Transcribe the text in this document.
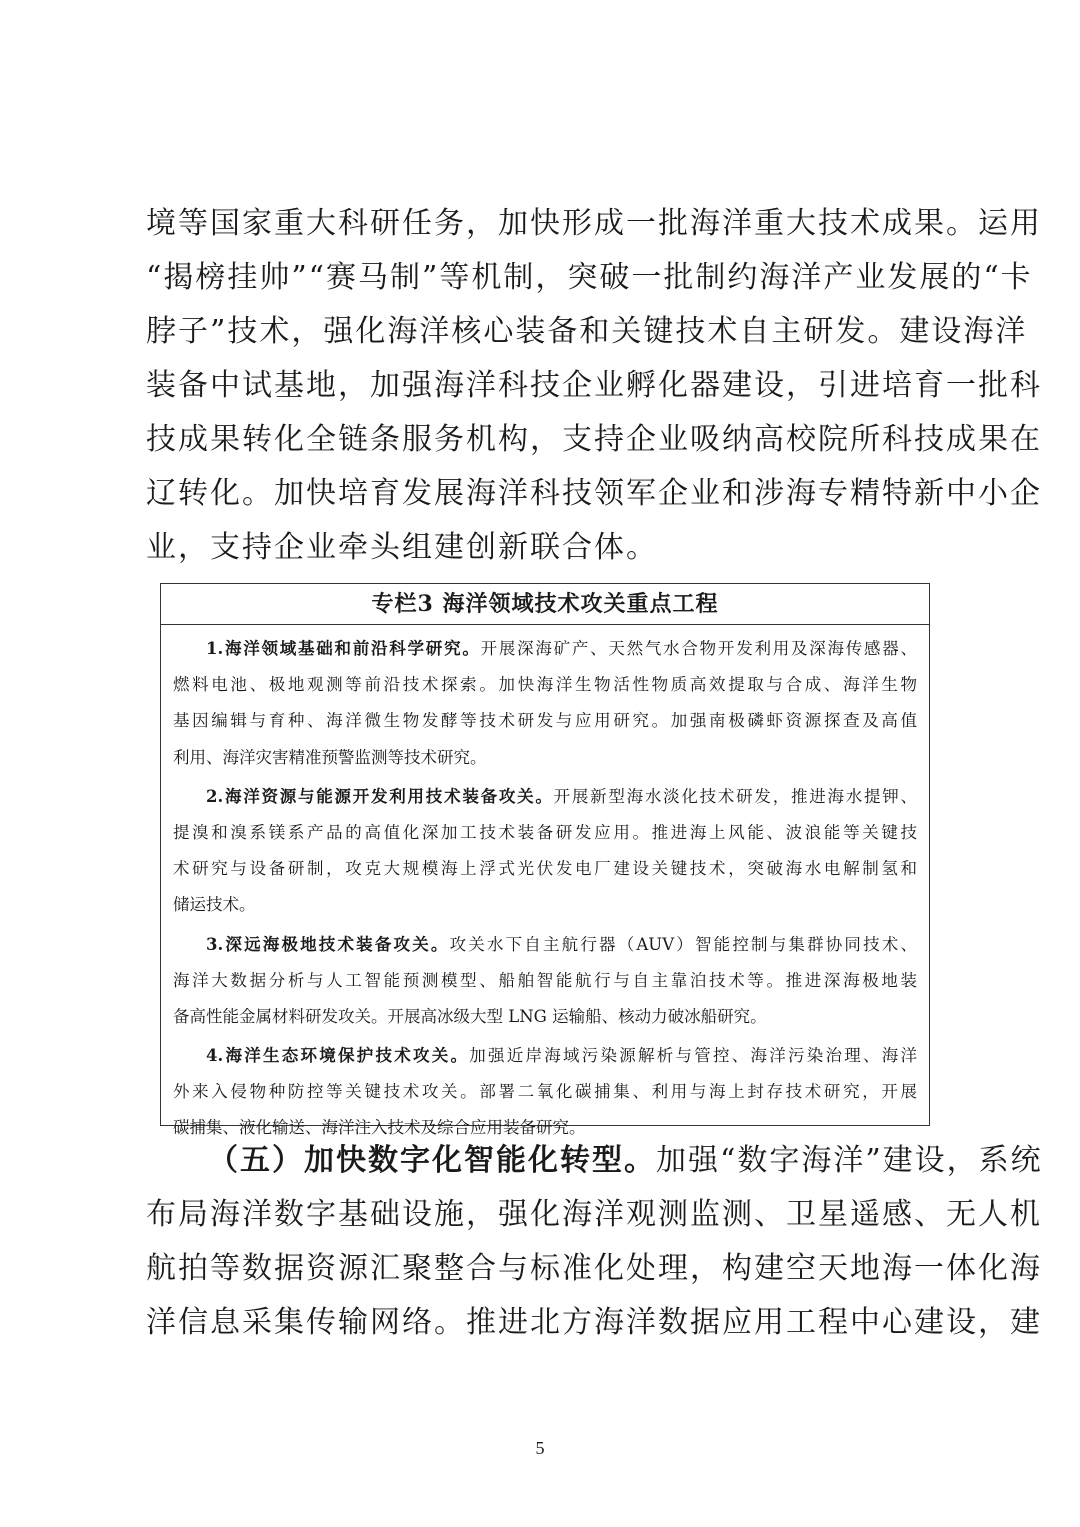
境等国家重大科研任务，加快形成一批海洋重大技术成果。运用
“揭榜挂帅”“赛马制”等机制，突破一批制约海洋产业发展的“卡
脖子”技术，强化海洋核心装备和关键技术自主研发。建设海洋
装备中试基地，加强海洋科技企业孵化器建设，引进培育一批科
技成果转化全链条服务机构，支持企业吸纳高校院所科技成果在
辽转化。加快培育发展海洋科技领军企业和涉海专精特新中小企
业，支持企业牵头组建创新联合体。
专栏3 海洋领域技术攻关重点工程
1.海洋领域基础和前沿科学研究。开展深海矿产、天然气水合物开发利用及深海传感器、
燃料电池、极地观测等前沿技术探索。加快海洋生物活性物质高效提取与合成、海洋生物
基因编辑与育种、海洋微生物发酵等技术研发与应用研究。加强南极磷虾资源探查及高值
利用、海洋灾害精准预警监测等技术研究。
2.海洋资源与能源开发利用技术装备攻关。开展新型海水淡化技术研发，推进海水提钾、
提溴和溴系镁系产品的高值化深加工技术装备研发应用。推进海上风能、波浪能等关键技
术研究与设备研制，攻克大规模海上浮式光伏发电厂建设关键技术，突破海水电解制氢和
储运技术。
3.深远海极地技术装备攻关。攻关水下自主航行器（AUV）智能控制与集群协同技术、
海洋大数据分析与人工智能预测模型、船舶智能航行与自主靠泊技术等。推进深海极地装
备高性能金属材料研发攻关。开展高冰级大型 LNG 运输船、核动力破冰船研究。
4.海洋生态环境保护技术攻关。加强近岸海域污染源解析与管控、海洋污染治理、海洋
外来入侵物种防控等关键技术攻关。部署二氧化碳捕集、利用与海上封存技术研究，开展
碳捕集、液化输送、海洋注入技术及综合应用装备研究。
（五）加快数字化智能化转型。加强“数字海洋”建设，系统
布局海洋数字基础设施，强化海洋观测监测、卫星遥感、无人机
航拍等数据资源汇聚整合与标准化处理，构建空天地海一体化海
洋信息采集传输网络。推进北方海洋数据应用工程中心建设，建
5
